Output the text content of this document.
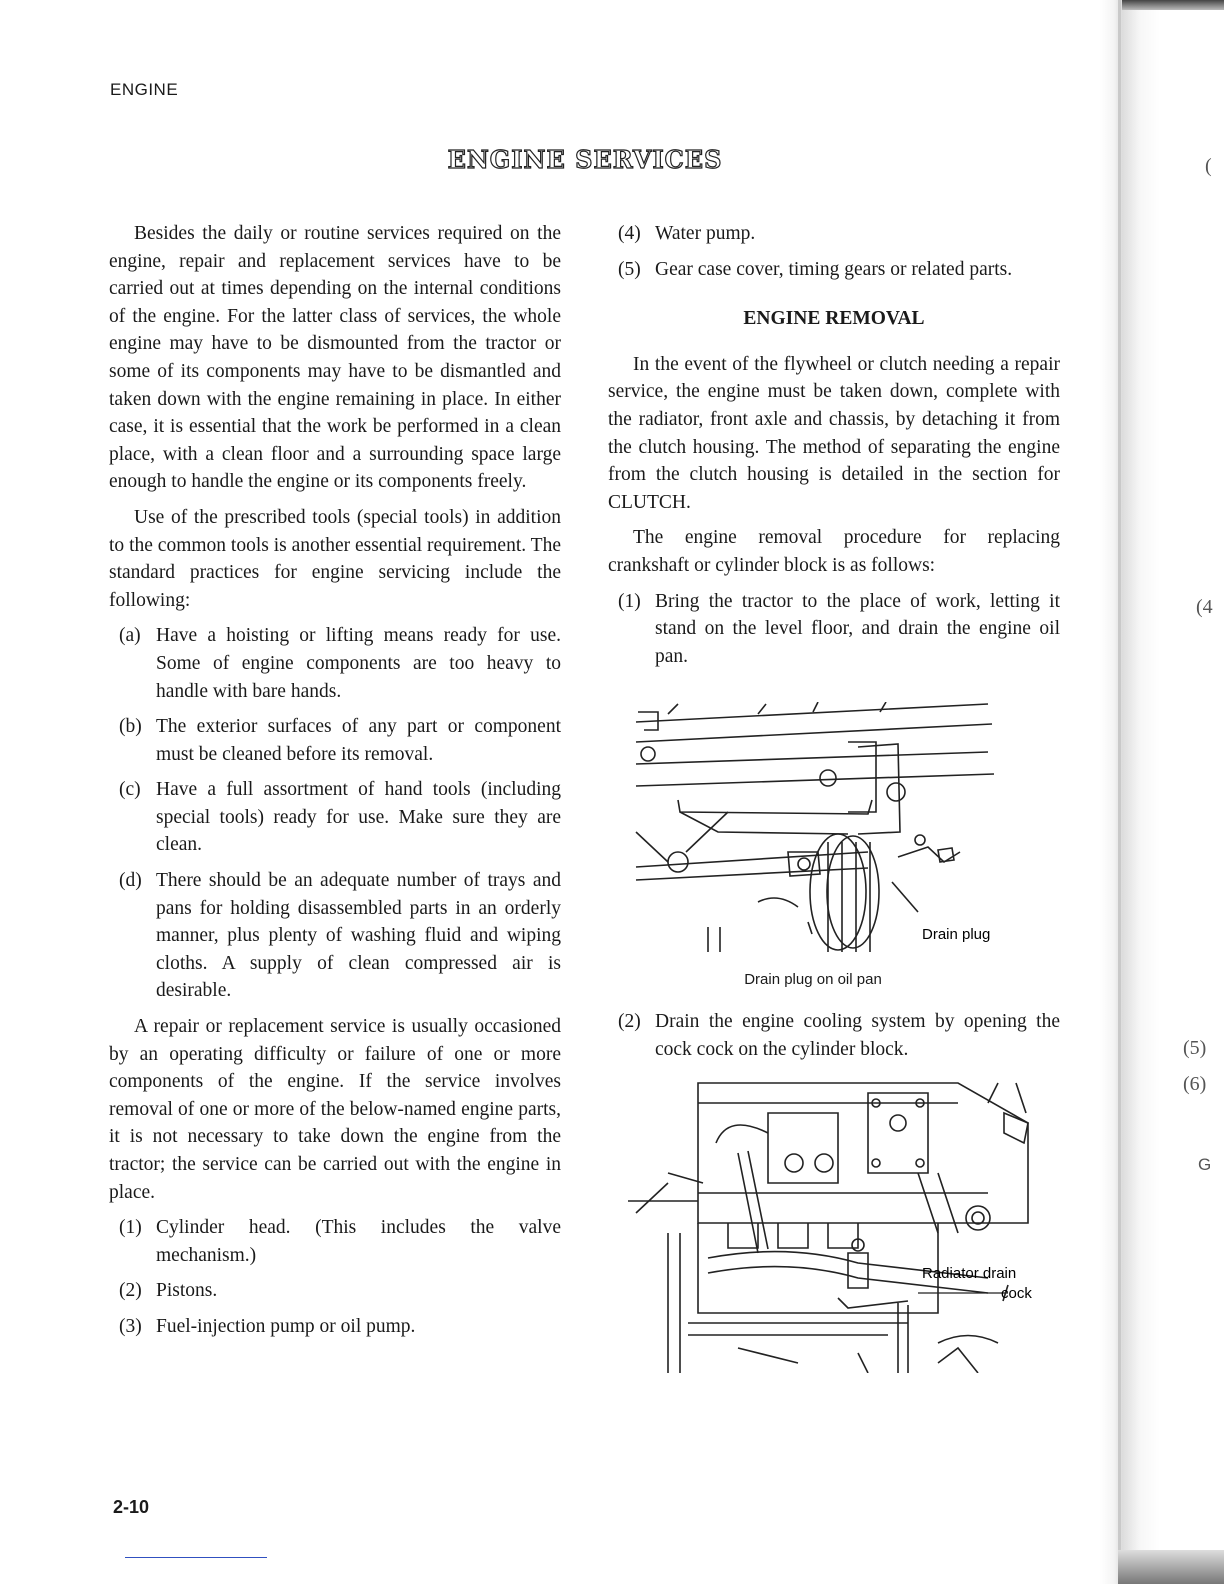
(
(4
(5)
(6)
G
ENGINE
ENGINE SERVICES

Besides the daily or routine services required on the engine, repair and replacement services have to be carried out at times depending on the internal conditions of the engine. For the latter class of services, the whole engine may have to be dismounted from the tractor or some of its components may have to be dismantled and taken down with the engine remaining in place. In either case, it is essential that the work be performed in a clean place, with a clean floor and a surrounding space large enough to handle the engine or its components freely.

Use of the prescribed tools (special tools) in addition to the common tools is another essential requirement. The standard practices for engine servicing include the following:

(a) Have a hoisting or lifting means ready for use. Some of engine components are too heavy to handle with bare hands.
(b) The exterior surfaces of any part or component must be cleaned before its removal.
(c) Have a full assortment of hand tools (including special tools) ready for use. Make sure they are clean.
(d) There should be an adequate number of trays and pans for holding disassembled parts in an orderly manner, plus plenty of washing fluid and wiping cloths. A supply of clean compressed air is desirable.

A repair or replacement service is usually occasioned by an operating difficulty or failure of one or more components of the engine. If the service involves removal of one or more of the below-named engine parts, it is not necessary to take down the engine from the tractor; the service can be carried out with the engine in place.

(1) Cylinder head. (This includes the valve mechanism.)
(2) Pistons.
(3) Fuel-injection pump or oil pump.
(4) Water pump.
(5) Gear case cover, timing gears or related parts.
ENGINE REMOVAL

In the event of the flywheel or clutch needing a repair service, the engine must be taken down, complete with the radiator, front axle and chassis, by detaching it from the clutch housing. The method of separating the engine from the clutch housing is detailed in the section for CLUTCH.

The engine removal procedure for replacing crankshaft or cylinder block is as follows:

(1) Bring the tractor to the place of work, letting it stand on the level floor, and drain the engine oil pan.
Drain plug
Drain plug on oil pan
(2) Drain the engine cooling system by opening the cock cock on the cylinder block.
Radiator drain
cock
2-10
